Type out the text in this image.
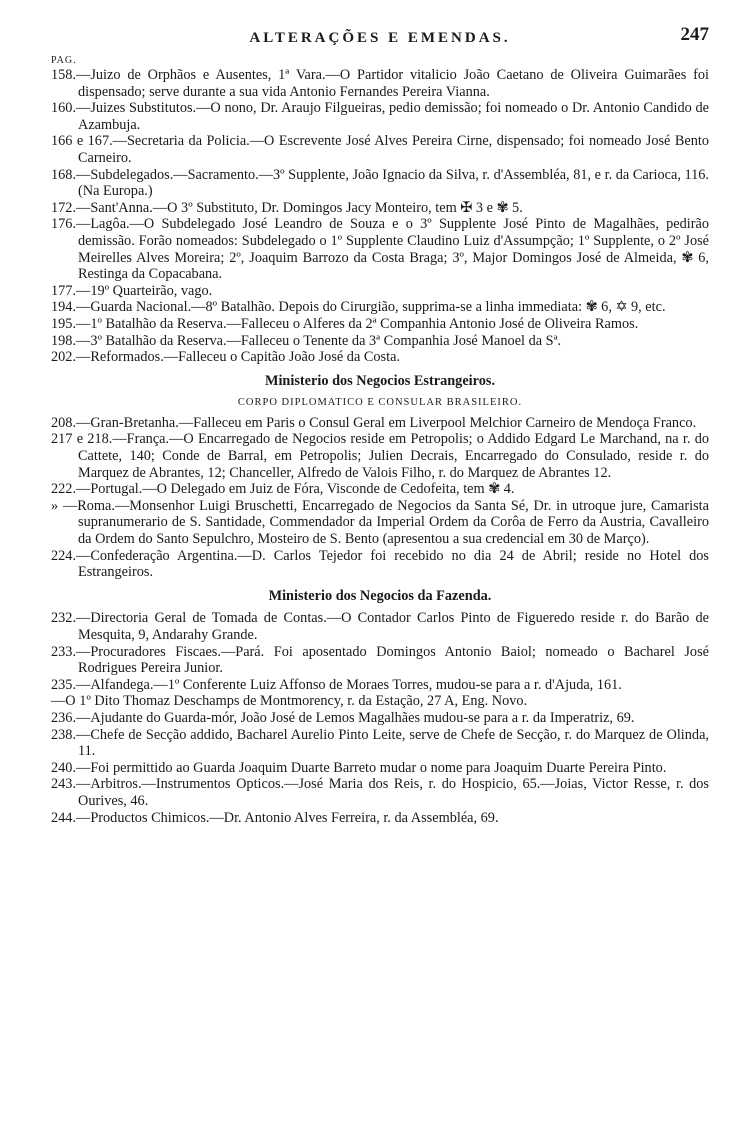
ALTERAÇÕES E EMENDAS.	247
PAG.
158.—Juizo de Orphãos e Ausentes, 1ª Vara.—O Partidor vitalicio João Caetano de Oliveira Guimarães foi dispensado; serve durante a sua vida Antonio Fernandes Pereira Vianna.
160.—Juizes Substitutos.—O nono, Dr. Araujo Filgueiras, pedio demissão; foi nomeado o Dr. Antonio Candido de Azambuja.
166 e 167.—Secretaria da Policia.—O Escrevente José Alves Pereira Cirne, dispensado; foi nomeado José Bento Carneiro.
168.—Subdelegados.—Sacramento.—3º Supplente, João Ignacio da Silva, r. d'Assembléa, 81, e r. da Carioca, 116. (Na Europa.)
172.—Sant'Anna.—O 3º Substituto, Dr. Domingos Jacy Monteiro, tem ✠ 3 e ✾ 5.
176.—Lagôa.—O Subdelegado José Leandro de Souza e o 3º Supplente José Pinto de Magalhães, pedirão demissão. Forão nomeados: Subdelegado o 1º Supplente Claudino Luiz d'Assumpção; 1º Supplente, o 2º José Meirelles Alves Moreira; 2º, Joaquim Barrozo da Costa Braga; 3º, Major Domingos José de Almeida, ✾ 6, Restinga da Copacabana.
177.—19º Quarteirão, vago.
194.—Guarda Nacional.—8º Batalhão. Depois do Cirurgião, supprima-se a linha immediata: ✾ 6, ✡ 9, etc.
195.—1º Batalhão da Reserva.—Falleceu o Alferes da 2ª Companhia Antonio José de Oliveira Ramos.
198.—3º Batalhão da Reserva.—Falleceu o Tenente da 3ª Companhia José Manoel da Sª.
202.—Reformados.—Falleceu o Capitão João José da Costa.
Ministerio dos Negocios Estrangeiros.
CORPO DIPLOMATICO E CONSULAR BRASILEIRO.
208.—Gran-Bretanha.—Falleceu em Paris o Consul Geral em Liverpool Melchior Carneiro de Mendoça Franco.
217 e 218.—França.—O Encarregado de Negocios reside em Petropolis; o Addido Edgard Le Marchand, na r. do Cattete, 140; Conde de Barral, em Petropolis; Julien Decrais, Encarregado do Consulado, reside r. do Marquez de Abrantes, 12; Chanceller, Alfredo de Valois Filho, r. do Marquez de Abrantes 12.
222.—Portugal.—O Delegado em Juiz de Fóra, Visconde de Cedofeita, tem ✾ 4.
» —Roma.—Monsenhor Luigi Bruschetti, Encarregado de Negocios da Santa Sé, Dr. in utroque jure, Camarista supranumerario de S. Santidade, Commendador da Imperial Ordem da Corôa de Ferro da Austria, Cavalleiro da Ordem do Santo Sepulchro, Mosteiro de S. Bento (apresentou a sua credencial em 30 de Março).
224.—Confederação Argentina.—D. Carlos Tejedor foi recebido no dia 24 de Abril; reside no Hotel dos Estrangeiros.
Ministerio dos Negocios da Fazenda.
232.—Directoria Geral de Tomada de Contas.—O Contador Carlos Pinto de Figueredo reside r. do Barão de Mesquita, 9, Andarahy Grande.
233.—Procuradores Fiscaes.—Pará. Foi aposentado Domingos Antonio Baiol; nomeado o Bacharel José Rodrigues Pereira Junior.
235.—Alfandega.—1º Conferente Luiz Affonso de Moraes Torres, mudou-se para a r. d'Ajuda, 161.
—O 1º Dito Thomaz Deschamps de Montmorency, r. da Estação, 27 A, Eng. Novo.
236.—Ajudante do Guarda-mór, João José de Lemos Magalhães mudou-se para a r. da Imperatriz, 69.
238.—Chefe de Secção addido, Bacharel Aurelio Pinto Leite, serve de Chefe de Secção, r. do Marquez de Olinda, 11.
240.—Foi permittido ao Guarda Joaquim Duarte Barreto mudar o nome para Joaquim Duarte Pereira Pinto.
243.—Arbitros.—Instrumentos Opticos.—José Maria dos Reis, r. do Hospicio, 65.—Joias, Victor Resse, r. dos Ourives, 46.
244.—Productos Chimicos.—Dr. Antonio Alves Ferreira, r. da Assembléa, 69.
